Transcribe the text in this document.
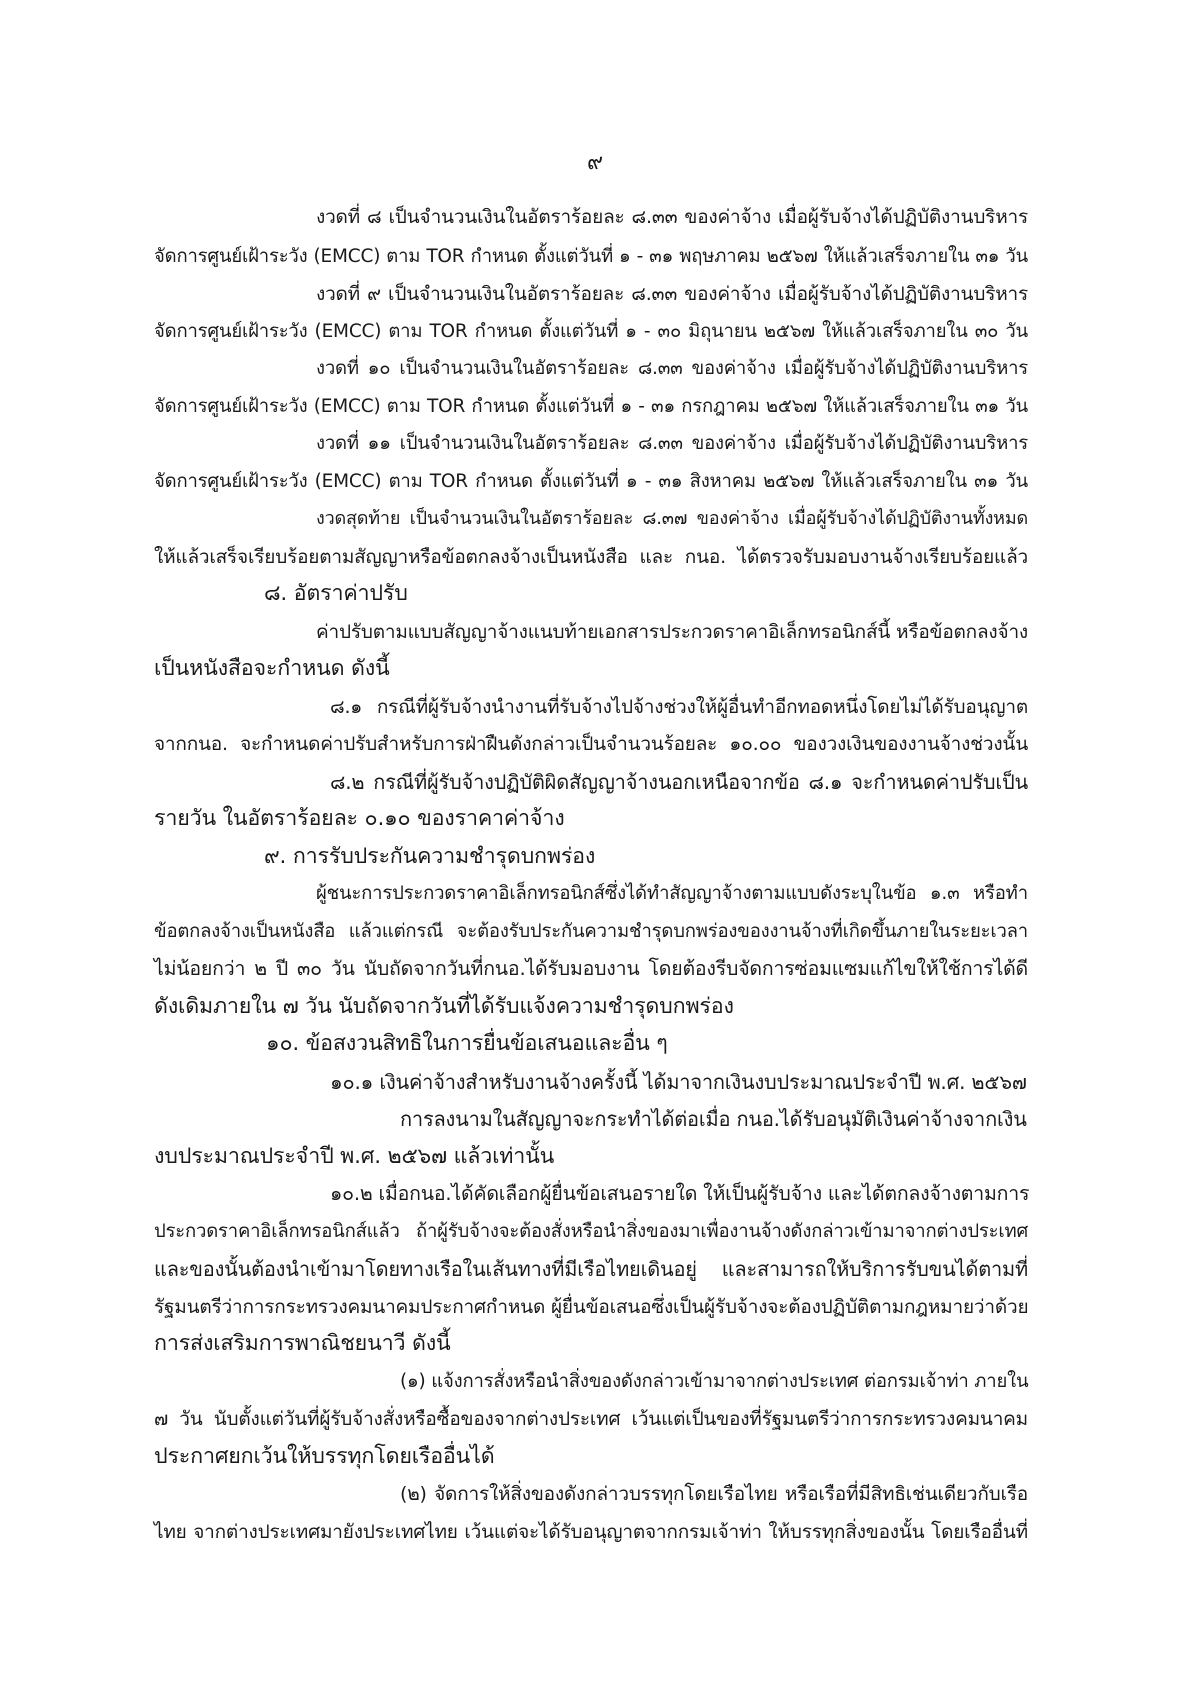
๙
งวดที่ ๘ เป็นจำนวนเงินในอัตราร้อยละ ๘.๓๓ ของค่าจ้าง เมื่อผู้รับจ้างได้ปฏิบัติงานบริหาร
จัดการศูนย์เฝ้าระวัง (EMCC) ตาม TOR กำหนด ตั้งแต่วันที่ ๑ - ๓๑ พฤษภาคม ๒๕๖๗ ให้แล้วเสร็จภายใน ๓๑ วัน
งวดที่ ๙ เป็นจำนวนเงินในอัตราร้อยละ ๘.๓๓ ของค่าจ้าง เมื่อผู้รับจ้างได้ปฏิบัติงานบริหาร
จัดการศูนย์เฝ้าระวัง (EMCC) ตาม TOR กำหนด ตั้งแต่วันที่ ๑ - ๓๐ มิถุนายน ๒๕๖๗ ให้แล้วเสร็จภายใน ๓๐ วัน
งวดที่ ๑๐ เป็นจำนวนเงินในอัตราร้อยละ ๘.๓๓ ของค่าจ้าง เมื่อผู้รับจ้างได้ปฏิบัติงานบริหาร
จัดการศูนย์เฝ้าระวัง (EMCC) ตาม TOR กำหนด ตั้งแต่วันที่ ๑ - ๓๑ กรกฎาคม ๒๕๖๗ ให้แล้วเสร็จภายใน ๓๑ วัน
งวดที่ ๑๑ เป็นจำนวนเงินในอัตราร้อยละ ๘.๓๓ ของค่าจ้าง เมื่อผู้รับจ้างได้ปฏิบัติงานบริหาร
จัดการศูนย์เฝ้าระวัง (EMCC) ตาม TOR กำหนด ตั้งแต่วันที่ ๑ - ๓๑ สิงหาคม ๒๕๖๗ ให้แล้วเสร็จภายใน ๓๑ วัน
งวดสุดท้าย เป็นจำนวนเงินในอัตราร้อยละ ๘.๓๗ ของค่าจ้าง เมื่อผู้รับจ้างได้ปฏิบัติงานทั้งหมด
ให้แล้วเสร็จเรียบร้อยตามสัญญาหรือข้อตกลงจ้างเป็นหนังสือ และ กนอ. ได้ตรวจรับมอบงานจ้างเรียบร้อยแล้ว
๘. อัตราค่าปรับ
ค่าปรับตามแบบสัญญาจ้างแนบท้ายเอกสารประกวดราคาอิเล็กทรอนิกส์นี้ หรือข้อตกลงจ้าง
เป็นหนังสือจะกำหนด ดังนี้
๘.๑ กรณีที่ผู้รับจ้างนำงานที่รับจ้างไปจ้างช่วงให้ผู้อื่นทำอีกทอดหนึ่งโดยไม่ได้รับอนุญาต
จากกนอ. จะกำหนดค่าปรับสำหรับการฝ่าฝืนดังกล่าวเป็นจำนวนร้อยละ ๑๐.๐๐ ของวงเงินของงานจ้างช่วงนั้น
๘.๒ กรณีที่ผู้รับจ้างปฏิบัติผิดสัญญาจ้างนอกเหนือจากข้อ ๘.๑ จะกำหนดค่าปรับเป็น
รายวัน ในอัตราร้อยละ ๐.๑๐ ของราคาค่าจ้าง
๙. การรับประกันความชำรุดบกพร่อง
ผู้ชนะการประกวดราคาอิเล็กทรอนิกส์ซึ่งได้ทำสัญญาจ้างตามแบบดังระบุในข้อ ๑.๓ หรือทำ
ข้อตกลงจ้างเป็นหนังสือ แล้วแต่กรณี จะต้องรับประกันความชำรุดบกพร่องของงานจ้างที่เกิดขึ้นภายในระยะเวลา
ไม่น้อยกว่า ๒ ปี ๓๐ วัน นับถัดจากวันที่กนอ.ได้รับมอบงาน โดยต้องรีบจัดการซ่อมแซมแก้ไขให้ใช้การได้ดี
ดังเดิมภายใน ๗ วัน นับถัดจากวันที่ได้รับแจ้งความชำรุดบกพร่อง
๑๐. ข้อสงวนสิทธิในการยื่นข้อเสนอและอื่น ๆ
๑๐.๑ เงินค่าจ้างสำหรับงานจ้างครั้งนี้ ได้มาจากเงินงบประมาณประจำปี พ.ศ. ๒๕๖๗
การลงนามในสัญญาจะกระทำได้ต่อเมื่อ กนอ.ได้รับอนุมัติเงินค่าจ้างจากเงิน
งบประมาณประจำปี พ.ศ. ๒๕๖๗ แล้วเท่านั้น
๑๐.๒ เมื่อกนอ.ได้คัดเลือกผู้ยื่นข้อเสนอรายใด ให้เป็นผู้รับจ้าง และได้ตกลงจ้างตามการ
ประกวดราคาอิเล็กทรอนิกส์แล้ว ถ้าผู้รับจ้างจะต้องสั่งหรือนำสิ่งของมาเพื่องานจ้างดังกล่าวเข้ามาจากต่างประเทศ
และของนั้นต้องนำเข้ามาโดยทางเรือในเส้นทางที่มีเรือไทยเดินอยู่ และสามารถให้บริการรับขนได้ตามที่
รัฐมนตรีว่าการกระทรวงคมนาคมประกาศกำหนด ผู้ยื่นข้อเสนอซึ่งเป็นผู้รับจ้างจะต้องปฏิบัติตามกฎหมายว่าด้วย
การส่งเสริมการพาณิชยนาวี ดังนี้
(๑) แจ้งการสั่งหรือนำสิ่งของดังกล่าวเข้ามาจากต่างประเทศ ต่อกรมเจ้าท่า ภายใน
๗ วัน นับตั้งแต่วันที่ผู้รับจ้างสั่งหรือซื้อของจากต่างประเทศ เว้นแต่เป็นของที่รัฐมนตรีว่าการกระทรวงคมนาคม
ประกาศยกเว้นให้บรรทุกโดยเรืออื่นได้
(๒) จัดการให้สิ่งของดังกล่าวบรรทุกโดยเรือไทย หรือเรือที่มีสิทธิเช่นเดียวกับเรือ
ไทย จากต่างประเทศมายังประเทศไทย เว้นแต่จะได้รับอนุญาตจากกรมเจ้าท่า ให้บรรทุกสิ่งของนั้น โดยเรืออื่นที่
